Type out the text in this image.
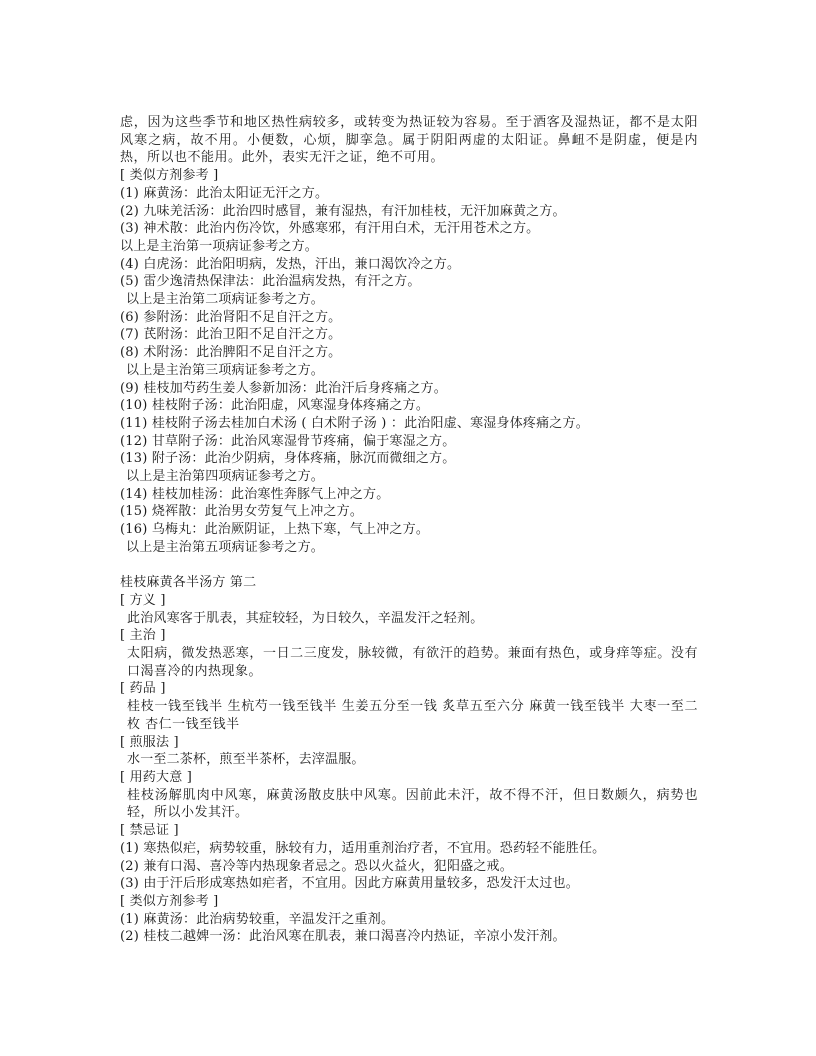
虑，因为这些季节和地区热性病较多，或转变为热证较为容易。至于酒客及湿热证，都不是太阳风寒之病，故不用。小便数，心烦，脚挛急。属于阴阳两虚的太阳证。鼻衄不是阴虚，便是内热，所以也不能用。此外，表实无汗之证，绝不可用。

[ 类似方剂参考 ]

(1) 麻黄汤：此治太阳证无汗之方。

(2) 九味羌活汤：此治四时感冒，兼有湿热，有汗加桂枝，无汗加麻黄之方。

(3) 神术散：此治内伤冷饮，外感寒邪，有汗用白术，无汗用苍术之方。

以上是主治第一项病证参考之方。

(4) 白虎汤：此治阳明病，发热，汗出，兼口渴饮冷之方。

(5) 雷少逸清热保津法：此治温病发热，有汗之方。

以上是主治第二项病证参考之方。

(6) 参附汤：此治肾阳不足自汗之方。

(7) 芪附汤：此治卫阳不足自汗之方。

(8) 术附汤：此治脾阳不足自汗之方。

以上是主治第三项病证参考之方。

(9) 桂枝加芍药生姜人参新加汤：此治汗后身疼痛之方。

(10) 桂枝附子汤：此治阳虚，风寒湿身体疼痛之方。

(11) 桂枝附子汤去桂加白术汤 ( 白术附子汤 ) ：此治阳虚、寒湿身体疼痛之方。

(12) 甘草附子汤：此治风寒湿骨节疼痛，偏于寒湿之方。

(13) 附子汤：此治少阴病，身体疼痛，脉沉而微细之方。

以上是主治第四项病证参考之方。

(14) 桂枝加桂汤：此治寒性奔豚气上冲之方。

(15) 烧裈散：此治男女劳复气上冲之方。

(16) 乌梅丸：此治厥阴证，上热下寒，气上冲之方。

以上是主治第五项病证参考之方。

桂枝麻黄各半汤方 第二

[ 方义 ]

此治风寒客于肌表，其症较轻，为日较久，辛温发汗之轻剂。

[ 主治 ]

太阳病，微发热恶寒，一日二三度发，脉较微，有欲汗的趋势。兼面有热色，或身痒等症。没有口渴喜冷的内热现象。

[ 药品 ]

桂枝一钱至钱半 生杭芍一钱至钱半 生姜五分至一钱 炙草五至六分 麻黄一钱至钱半 大枣一至二枚 杏仁一钱至钱半

[ 煎服法 ]

水一至二茶杯，煎至半茶杯，去滓温服。

[ 用药大意 ]

桂枝汤解肌肉中风寒，麻黄汤散皮肤中风寒。因前此未汗，故不得不汗，但日数颇久，病势也轻，所以小发其汗。

[ 禁忌证 ]

(1) 寒热似疟，病势较重，脉较有力，适用重剂治疗者，不宜用。恐药轻不能胜任。

(2) 兼有口渴、喜冷等内热现象者忌之。恐以火益火，犯阳盛之戒。

(3) 由于汗后形成寒热如疟者，不宜用。因此方麻黄用量较多，恐发汗太过也。

[ 类似方剂参考 ]

(1) 麻黄汤：此治病势较重，辛温发汗之重剂。

(2) 桂枝二越婢一汤：此治风寒在肌表，兼口渴喜冷内热证，辛凉小发汗剂。
